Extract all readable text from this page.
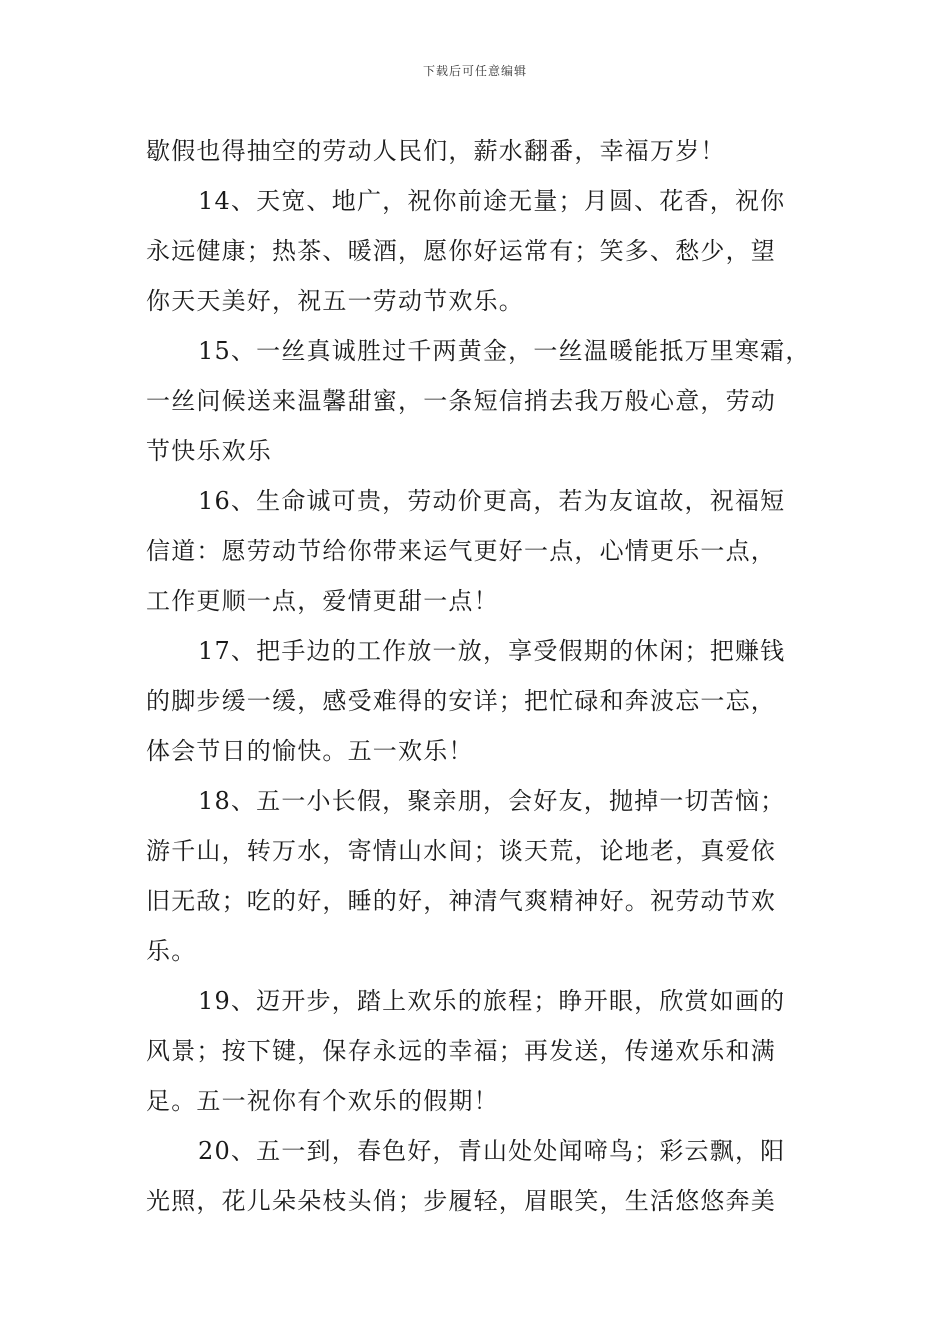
下载后可任意编辑
歇假也得抽空的劳动人民们，薪水翻番，幸福万岁！
14、天宽、地广，祝你前途无量；月圆、花香，祝你
永远健康；热茶、暖酒，愿你好运常有；笑多、愁少，望
你天天美好，祝五一劳动节欢乐。
15、一丝真诚胜过千两黄金，一丝温暖能抵万里寒霜，
一丝问候送来温馨甜蜜，一条短信捎去我万般心意，劳动
节快乐欢乐
16、生命诚可贵，劳动价更高，若为友谊故，祝福短
信道：愿劳动节给你带来运气更好一点，心情更乐一点，
工作更顺一点，爱情更甜一点！
17、把手边的工作放一放，享受假期的休闲；把赚钱
的脚步缓一缓，感受难得的安详；把忙碌和奔波忘一忘，
体会节日的愉快。五一欢乐！
18、五一小长假，聚亲朋，会好友，抛掉一切苦恼；
游千山，转万水，寄情山水间；谈天荒，论地老，真爱依
旧无敌；吃的好，睡的好，神清气爽精神好。祝劳动节欢
乐。
19、迈开步，踏上欢乐的旅程；睁开眼，欣赏如画的
风景；按下键，保存永远的幸福；再发送，传递欢乐和满
足。五一祝你有个欢乐的假期！
20、五一到，春色好，青山处处闻啼鸟；彩云飘，阳
光照，花儿朵朵枝头俏；步履轻，眉眼笑，生活悠悠奔美
